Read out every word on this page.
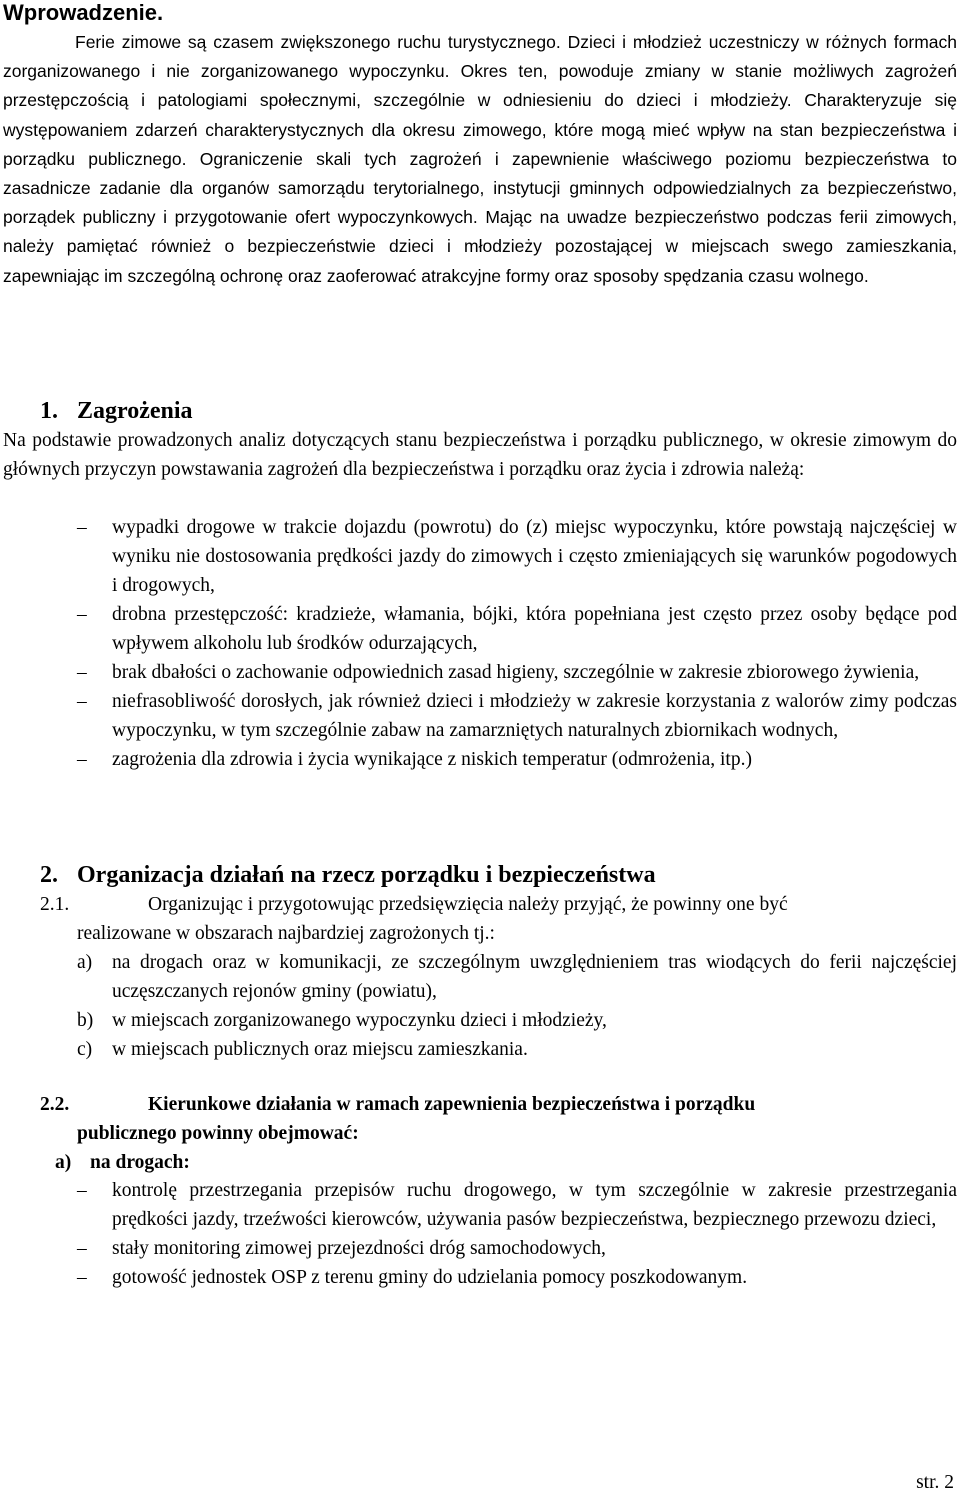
Wprowadzenie.

Ferie zimowe są czasem zwiększonego ruchu turystycznego. Dzieci i młodzież uczestniczy w różnych formach zorganizowanego i nie zorganizowanego wypoczynku. Okres ten, powoduje zmiany w stanie możliwych zagrożeń przestępczością i patologiami społecznymi, szczególnie w odniesieniu do dzieci i młodzieży. Charakteryzuje się występowaniem zdarzeń charakterystycznych dla okresu zimowego, które mogą mieć wpływ na stan bezpieczeństwa i porządku publicznego. Ograniczenie skali tych zagrożeń i zapewnienie właściwego poziomu bezpieczeństwa to zasadnicze zadanie dla organów samorządu terytorialnego, instytucji gminnych odpowiedzialnych za bezpieczeństwo, porządek publiczny i przygotowanie ofert wypoczynkowych. Mając na uwadze bezpieczeństwo podczas ferii zimowych, należy pamiętać również o bezpieczeństwie dzieci i młodzieży pozostającej w miejscach swego zamieszkania, zapewniając im szczególną ochronę oraz zaoferować atrakcyjne formy oraz sposoby spędzania czasu wolnego.

1. Zagrożenia

Na podstawie prowadzonych analiz dotyczących stanu bezpieczeństwa i porządku publicznego, w okresie zimowym do głównych przyczyn powstawania zagrożeń dla bezpieczeństwa i porządku oraz życia i zdrowia należą:

– wypadki drogowe w trakcie dojazdu (powrotu) do (z) miejsc wypoczynku, które powstają najczęściej w wyniku nie dostosowania prędkości jazdy do zimowych i często zmieniających się warunków pogodowych i drogowych,
– drobna przestępczość: kradzieże, włamania, bójki, która popełniana jest często przez osoby będące pod wpływem alkoholu lub środków odurzających,
– brak dbałości o zachowanie odpowiednich zasad higieny, szczególnie w zakresie zbiorowego żywienia,
– niefrasobliwość dorosłych, jak również dzieci i młodzieży w zakresie korzystania z walorów zimy podczas wypoczynku, w tym szczególnie zabaw na zamarzniętych naturalnych zbiornikach wodnych,
– zagrożenia dla zdrowia i życia wynikające z niskich temperatur (odmrożenia, itp.)
2. Organizacja działań na rzecz porządku i bezpieczeństwa

2.1.	Organizując i przygotowując przedsięwzięcia należy przyjąć, że powinny one być
realizowane w obszarach najbardziej zagrożonych tj.:

a) na drogach oraz w komunikacji, ze szczególnym uwzględnieniem tras wiodących do ferii najczęściej uczęszczanych rejonów gminy (powiatu),
b) w miejscach zorganizowanego wypoczynku dzieci i młodzieży,
c) w miejscach publicznych oraz miejscu zamieszkania.

2.2.	Kierunkowe działania w ramach zapewnienia bezpieczeństwa i porządku
publicznego powinny obejmować:

a) na drogach:

– kontrolę przestrzegania przepisów ruchu drogowego, w tym szczególnie w zakresie przestrzegania prędkości jazdy, trzeźwości kierowców, używania pasów bezpieczeństwa, bezpiecznego przewozu dzieci,
– stały monitoring zimowej przejezdności dróg samochodowych,
– gotowość jednostek OSP z terenu gminy do udzielania pomocy poszkodowanym.
str. 2
